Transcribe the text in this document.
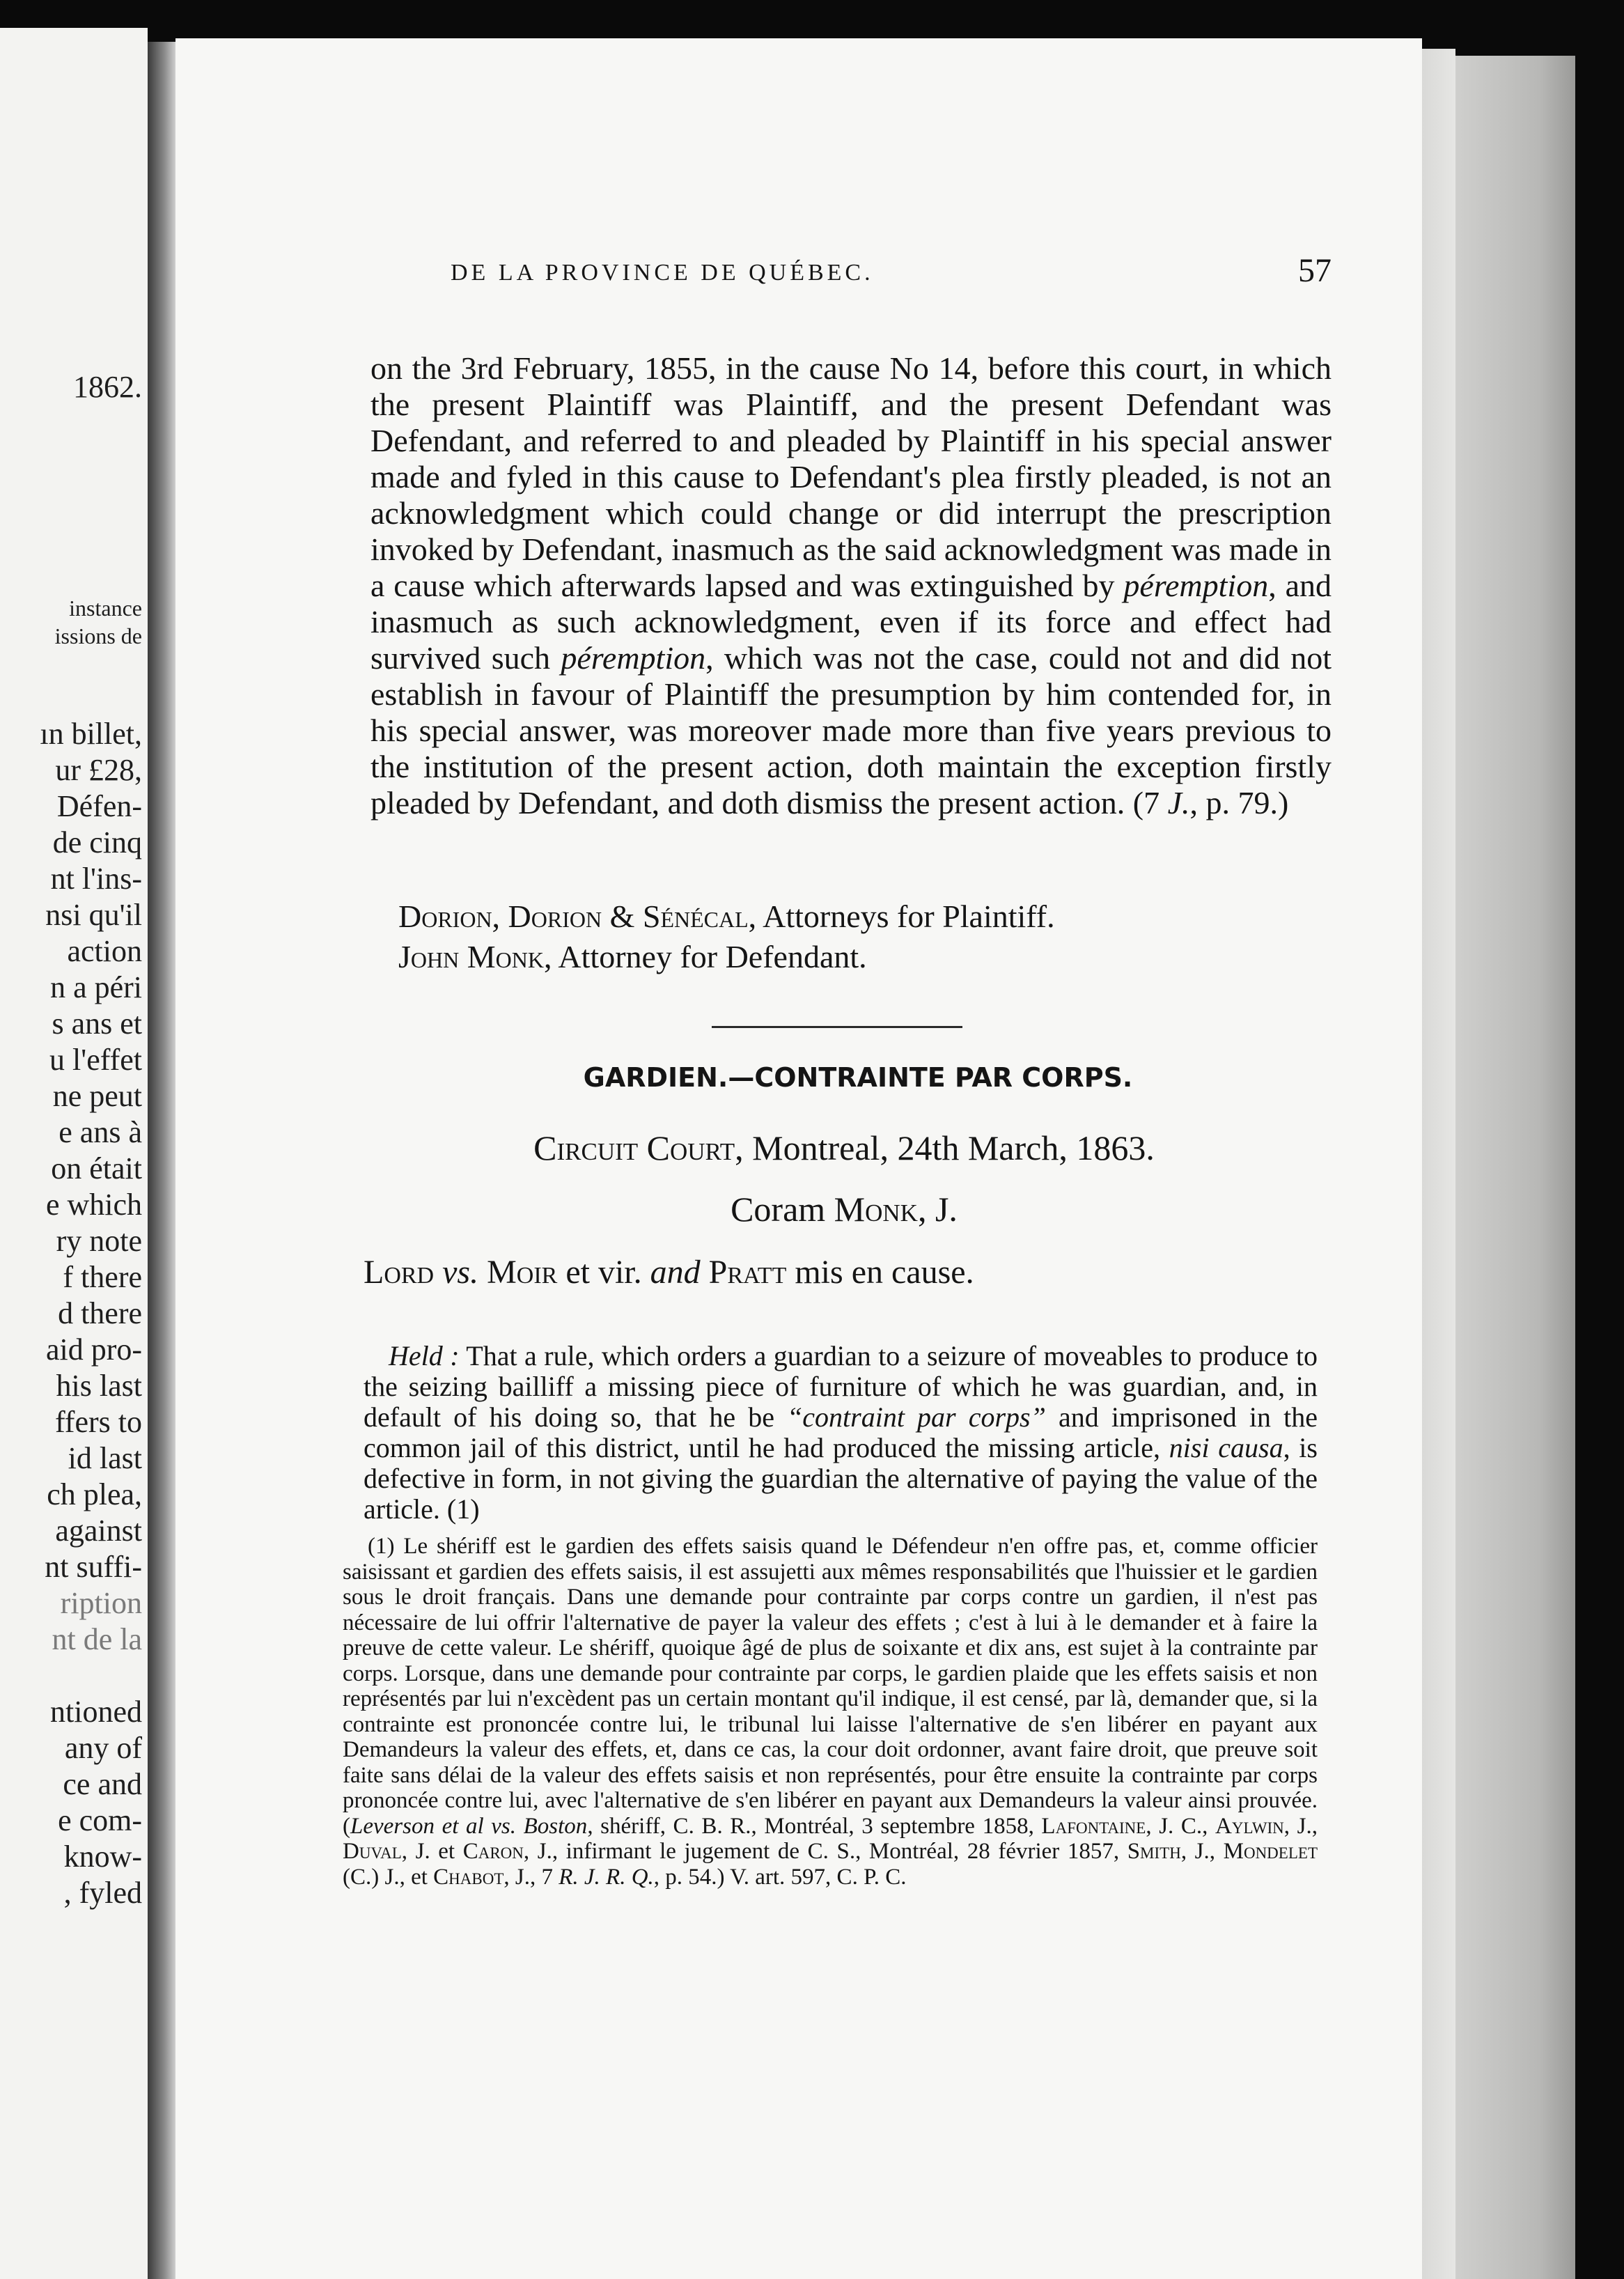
1862.
instance
issions de
ın billet,
ur £28,
Défen-
de cinq
nt l'ins-
nsi qu'il
action
n a péri
s ans et
u l'effet
ne peut
e ans à
on était
e which
ry note
f there
d there
aid pro-
his last
ffers to
id last
ch plea,
against
nt suffi-
ription
nt de la
ntioned
any of
ce and
e com-
know-
, fyled
DE LA PROVINCE DE QUÉBEC.	57

on the 3rd February, 1855, in the cause No 14, before this court, in which the present Plaintiff was Plaintiff, and the present Defendant was Defendant, and referred to and pleaded by Plaintiff in his special answer made and fyled in this cause to Defendant's plea firstly pleaded, is not an acknowledgment which could change or did interrupt the prescription invoked by Defendant, inasmuch as the said acknowledgment was made in a cause which afterwards lapsed and was extinguished by péremption, and inasmuch as such acknowledgment, even if its force and effect had survived such péremption, which was not the case, could not and did not establish in favour of Plaintiff the presumption by him contended for, in his special answer, was moreover made more than five years previous to the institution of the present action, doth maintain the exception firstly pleaded by Defendant, and doth dismiss the present action. (7 J., p. 79.)

Dorion, Dorion & Sénécal, Attorneys for Plaintiff.
John Monk, Attorney for Defendant.
GARDIEN.—CONTRAINTE PAR CORPS.
Circuit Court, Montreal, 24th March, 1863.
Coram Monk, J.
Lord vs. Moir et vir. and Pratt mis en cause.

Held : That a rule, which orders a guardian to a seizure of moveables to produce to the seizing bailliff a missing piece of furniture of which he was guardian, and, in default of his doing so, that he be “contraint par corps” and imprisoned in the common jail of this district, until he had produced the missing article, nisi causa, is defective in form, in not giving the guardian the alternative of paying the value of the article. (1)

(1) Le shériff est le gardien des effets saisis quand le Défendeur n'en offre pas, et, comme officier saisissant et gardien des effets saisis, il est assujetti aux mêmes responsabilités que l'huissier et le gardien sous le droit français. Dans une demande pour contrainte par corps contre un gardien, il n'est pas nécessaire de lui offrir l'alternative de payer la valeur des effets ; c'est à lui à le demander et à faire la preuve de cette valeur. Le shériff, quoique âgé de plus de soixante et dix ans, est sujet à la contrainte par corps. Lorsque, dans une demande pour contrainte par corps, le gardien plaide que les effets saisis et non représentés par lui n'excèdent pas un certain montant qu'il indique, il est censé, par là, demander que, si la contrainte est prononcée contre lui, le tribunal lui laisse l'alternative de s'en libérer en payant aux Demandeurs la valeur des effets, et, dans ce cas, la cour doit ordonner, avant faire droit, que preuve soit faite sans délai de la valeur des effets saisis et non représentés, pour être ensuite la contrainte par corps prononcée contre lui, avec l'alternative de s'en libérer en payant aux Demandeurs la valeur ainsi prouvée. (Leverson et al vs. Boston, shériff, C. B. R., Montréal, 3 septembre 1858, Lafontaine, J. C., Aylwin, J., Duval, J. et Caron, J., infirmant le jugement de C. S., Montréal, 28 février 1857, Smith, J., Mondelet (C.) J., et Chabot, J., 7 R. J. R. Q., p. 54.) V. art. 597, C. P. C.
